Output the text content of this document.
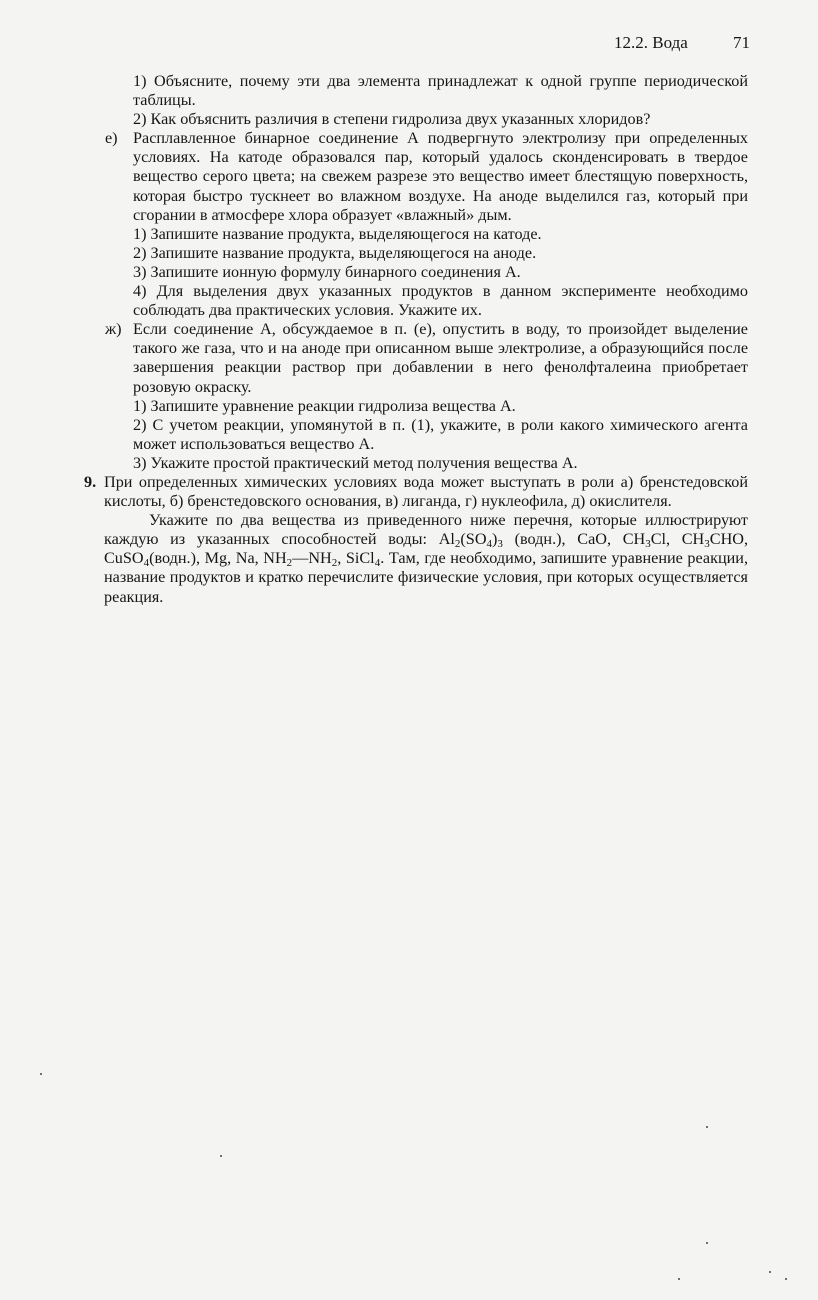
12.2. Вода	71

1) Объясните, почему эти два элемента принадлежат к одной группе периодической таблицы.

2) Как объяснить различия в степени гидролиза двух указанных хлоридов?

е) Расплавленное бинарное соединение А подвергнуто электролизу при определенных условиях. На катоде образовался пар, который удалось сконденсировать в твердое вещество серого цвета; на свежем разрезе это вещество имеет блестящую поверхность, которая быстро тускнеет во влажном воздухе. На аноде выделился газ, который при сгорании в атмосфере хлора образует «влажный» дым.

1) Запишите название продукта, выделяющегося на катоде.

2) Запишите название продукта, выделяющегося на аноде.

3) Запишите ионную формулу бинарного соединения А.

4) Для выделения двух указанных продуктов в данном эксперименте необходимо соблюдать два практических условия. Укажите их.

ж) Если соединение А, обсуждаемое в п. (е), опустить в воду, то произойдет выделение такого же газа, что и на аноде при описанном выше электролизе, а образующийся после завершения реакции раствор при добавлении в него фенолфталеина приобретает розовую окраску.

1) Запишите уравнение реакции гидролиза вещества А.

2) С учетом реакции, упомянутой в п. (1), укажите, в роли какого химического агента может использоваться вещество А.

3) Укажите простой практический метод получения вещества А.

9. При определенных химических условиях вода может выступать в роли а) бренстедовской кислоты, б) бренстедовского основания, в) лиганда, г) нуклеофила, д) окислителя.

Укажите по два вещества из приведенного ниже перечня, которые иллюстрируют каждую из указанных способностей воды: $Al_2(SO_4)_3$ (водн.), CaO, $CH_3Cl$, $CH_3CHO$, CuSO$_4$(водн.), Mg, Na, $NH_2—NH_2$, SiCl$_4$. Там, где необходимо, запишите уравнение реакции, название продуктов и кратко перечислите физические условия, при которых осуществляется реакция.
